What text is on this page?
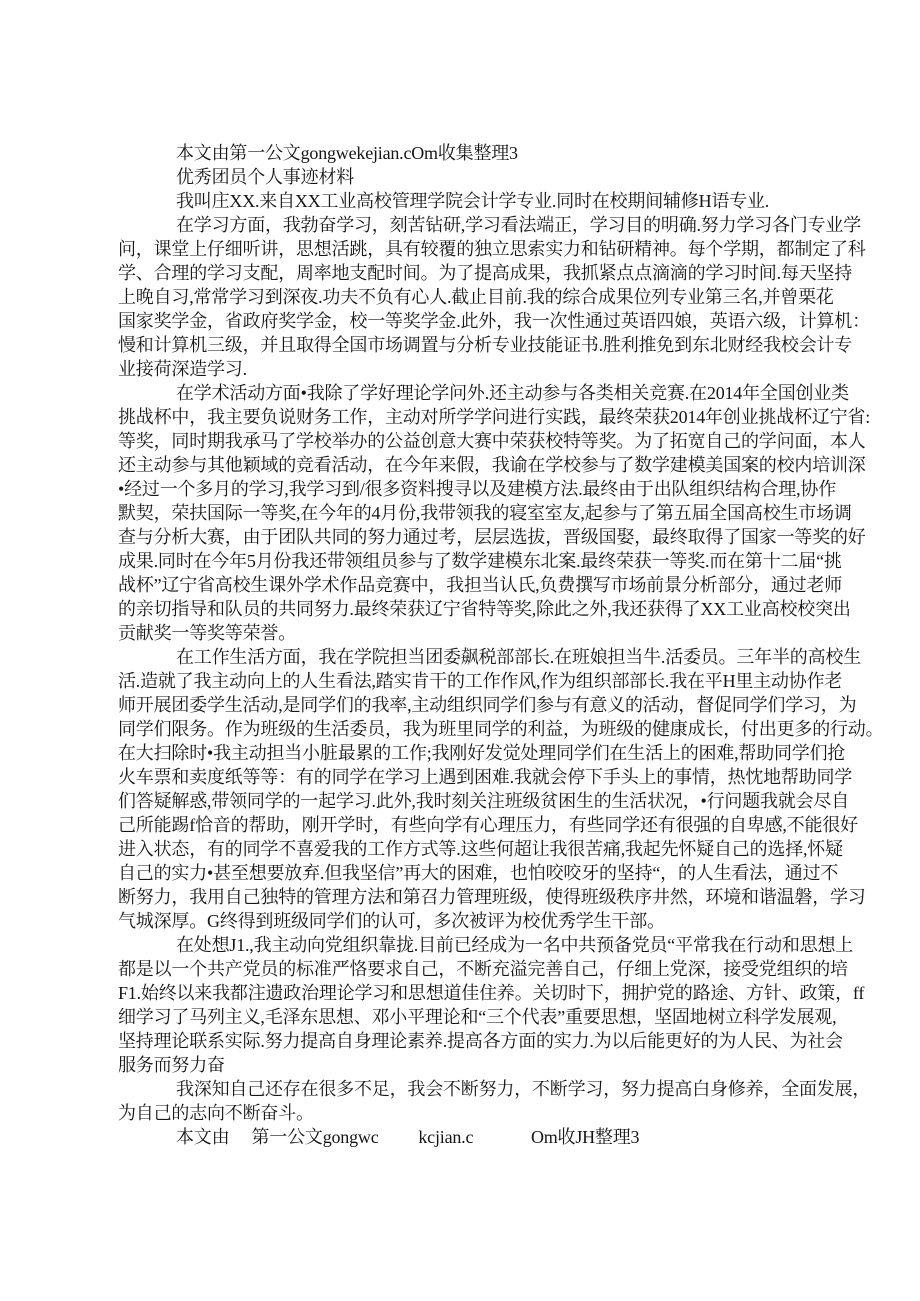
本文由第一公文gongwekejian.cOm收集整理3
优秀团员个人事迹材料
我叫庄XX.来自XX工业高校管理学院会计学专业.同时在校期间辅修H语专业.
在学习方面，我勃奋学习，刻苦钻研,学习看法端正，学习目的明确.努力学习各门专业学
问，课堂上仔细听讲，思想活跳，具有较覆的独立思索实力和钻研精神。每个学期，都制定了科
学、合理的学习支配，周率地支配时间。为了提高成果，我抓紧点点滴滴的学习时间.每天坚持
上晚自习,常常学习到深夜.功夫不负有心人.截止目前.我的综合成果位列专业第三名,并曾栗花
国家奖学金，省政府奖学金，校一等奖学金.此外，我一次性通过英语四娘，英语六级，计算机：
慢和计算机三级，并且取得全国市场调置与分析专业技能证书.胜利推免到东北财经我校会计专
业接荷深造学习.
在学术活动方面•我除了学好理论学问外.还主动参与各类相关竞赛.在2014年全国创业类
挑战杯中，我主要负说财务工作，主动对所学学问进行实践，最终荣获2014年创业挑战杯辽宁省:
等奖，同时期我承马了学校举办的公益创意大赛中荣获校特等奖。为了拓宽自己的学问面，本人
还主动参与其他颖域的竞看活动，在今年来假，我谕在学校参与了数学建模美国案的校内培训深
•经过一个多月的学习,我学习到/很多资料搜寻以及建模方法.最终由于出队组织结构合理,协作
默契，荣扶国际一等奖,在今年的4月份,我带领我的寝室室友,起参与了第五届全国高校生市场调
查与分析大赛，由于团队共同的努力通过考，层层选拔，晋级国娶，最终取得了国家一等奖的好
成果.同时在今年5月份我还带领组员参与了数学建模东北案.最终荣获一等奖.而在第十二届“挑
战杯”辽宁省高校生课外学术作品竞赛中，我担当认氏,负费撰写市场前景分析部分，通过老师
的亲切指导和队员的共同努力.最终荣获辽宁省特等奖,除此之外,我还获得了XX工业高校校突出
贡献奖一等奖等荣誉。
在工作生活方面，我在学院担当团委飙税部部长.在班娘担当牛.活委员。三年半的高校生
活.造就了我主动向上的人生看法,踏实肯干的工作作风,作为组织部部长.我在平H里主动协作老
师开展团委学生活动,是同学们的我率,主动组织同学们参与有意义的活动，督促同学们学习，为
同学们限务。作为班级的生活委员，我为班里同学的利益，为班级的健康成长，付出更多的行动。
在大扫除时•我主动担当小脏最累的工作;我刚好发觉处理同学们在生活上的困难,帮助同学们抢
火车票和卖度纸等等：有的同学在学习上遇到困难.我就会停下手头上的事情，热忱地帮助同学
们答疑解惑,带领同学的一起学习.此外,我时刻关注班级贫困生的生活状况，•行问题我就会尽自
己所能踢f恰音的帮助，刚开学时，有些向学有心理压力，有些同学还有很强的自卑感,不能很好
进入状态，有的同学不喜爱我的工作方式等.这些何超让我很苦痛,我起先怀疑自己的选择,怀疑
自己的实力•甚至想要放弃.但我坚信”再大的困难，也怕咬咬牙的坚持“，的人生看法，通过不
断努力，我用自己独特的管理方法和第召力管理班级，使得班级秩序井然，环境和谐温磐，学习
气城深厚。G终得到班级同学们的认可，多次被评为校优秀学生干部。
在处想J1.,我主动向党组织靠拢.目前已经成为一名中共预备党员“平常我在行动和思想上
都是以一个共产党员的标准严恪要求自己，不断充溢完善自己，仔细上党深，接受党组织的培
F1.始终以来我都注遗政治理论学习和思想道佳住养。关切时下，拥护党的路途、方针、政策，ff
细学习了马列主义,毛泽东思想、邓小平理论和“三个代表”重要思想，坚固地树立科学发展观,
坚持理论联系实际.努力提高自身理论素养.提高各方面的实力.为以后能更好的为人民、为社会
服务而努力奋
我深知自己还存在很多不足，我会不断努力，不断学习，努力提高白身修养，全面发展，
为自己的志向不断奋斗。
本文由　 第一公文gongwc　　 kcjian.c　　　 Om收JH整理3
